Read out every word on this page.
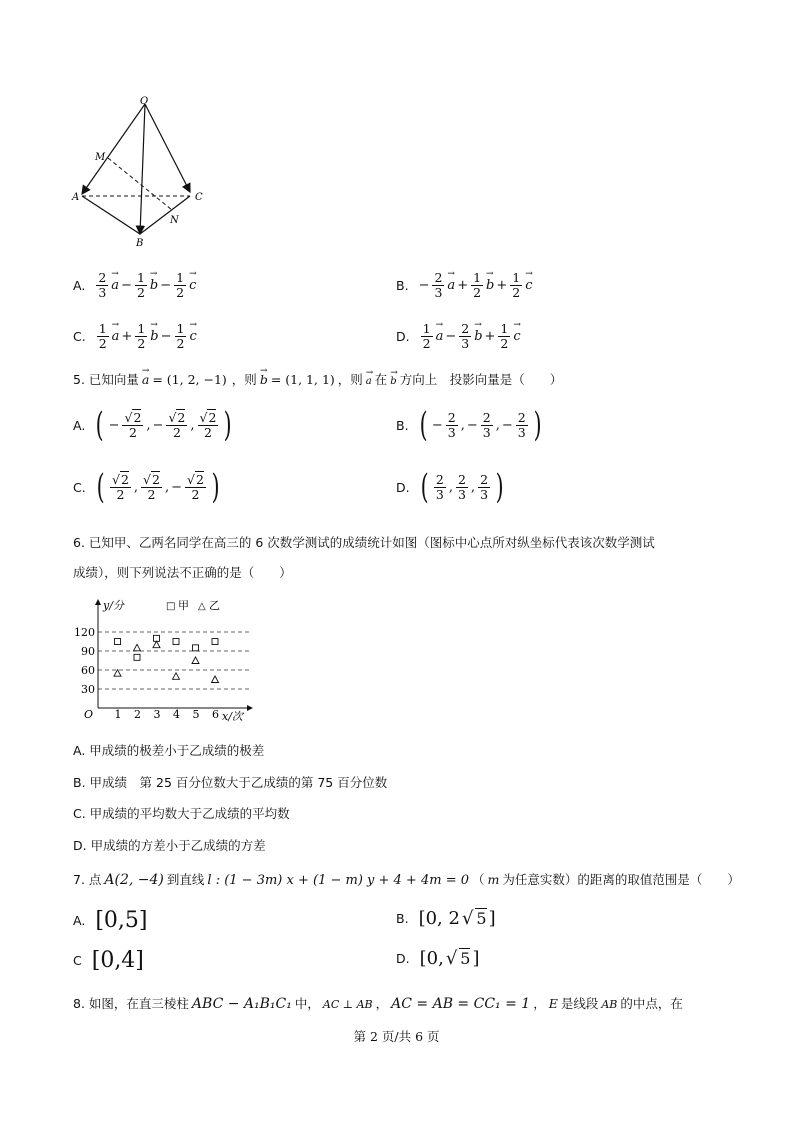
O
M
A	C
N
B
A. $\frac{2}{3}$
→ $a - \frac{1}{2}$
→ $b - \frac{1}{2}$
→ c	B. − $\frac{2}{3}$
→ $a + \frac{1}{2}$
→ $b + \frac{1}{2}$
→ c
C. $\frac{1}{2}$
→ $a + \frac{1}{2}$
→ $b - \frac{1}{2}$
→ c	D. $\frac{1}{2}$
→ $a - \frac{2}{3}$
→ $b + \frac{1}{2}$
→ c
5. 已知向量
→ a = (1, 2, −1) ，则
→ b = (1, 1, 1) ，则
→ a 在
→ b 方向上　投影向量是（　　）
A. ( − $\frac{√2}{2}$ , − $\frac{√2}{2}$ , $\frac{√2}{2}$ )	B. ( − $\frac{2}{3}$ , − $\frac{2}{3}$ , − $\frac{2}{3}$ )
C. ( $\frac{√2}{2}$ , $\frac{√2}{2}$ , − $\frac{√2}{2}$ )	D. ( $\frac{2}{3}$ , $\frac{2}{3}$ , $\frac{2}{3}$ )
6. 已知甲、乙两名同学在高三的 6 次数学测试的成绩统计如图（图标中心点所对纵坐标代表该次数学测试
成绩），则下列说法不正确的是（　　）
30
60
90
120
y/分
x/次
O 1 2 3 4 5 6
□ 甲 △ 乙
A. 甲成绩的极差小于乙成绩的极差
B. 甲成绩　第 25 百分位数大于乙成绩的第 75 百分位数
C. 甲成绩的平均数大于乙成绩的平均数
D. 甲成绩的方差小于乙成绩的方差
7. 点 A(2, −4) 到直线 l : (1 − 3m) x + (1 − m) y + 4 + 4m = 0 （ m 为任意实数）的距离的取值范围是（　　）
A. [0,5]	B. [0, 2 √ 5 ]
C [0,4]	D. [0, √ 5 ]
8. 如图，在直三棱柱 ABC − A₁B₁C₁ 中， AC ⊥ AB ， AC = AB = CC₁ = 1 ， E 是线段 AB 的中点，在
第 2 页/共 6 页
